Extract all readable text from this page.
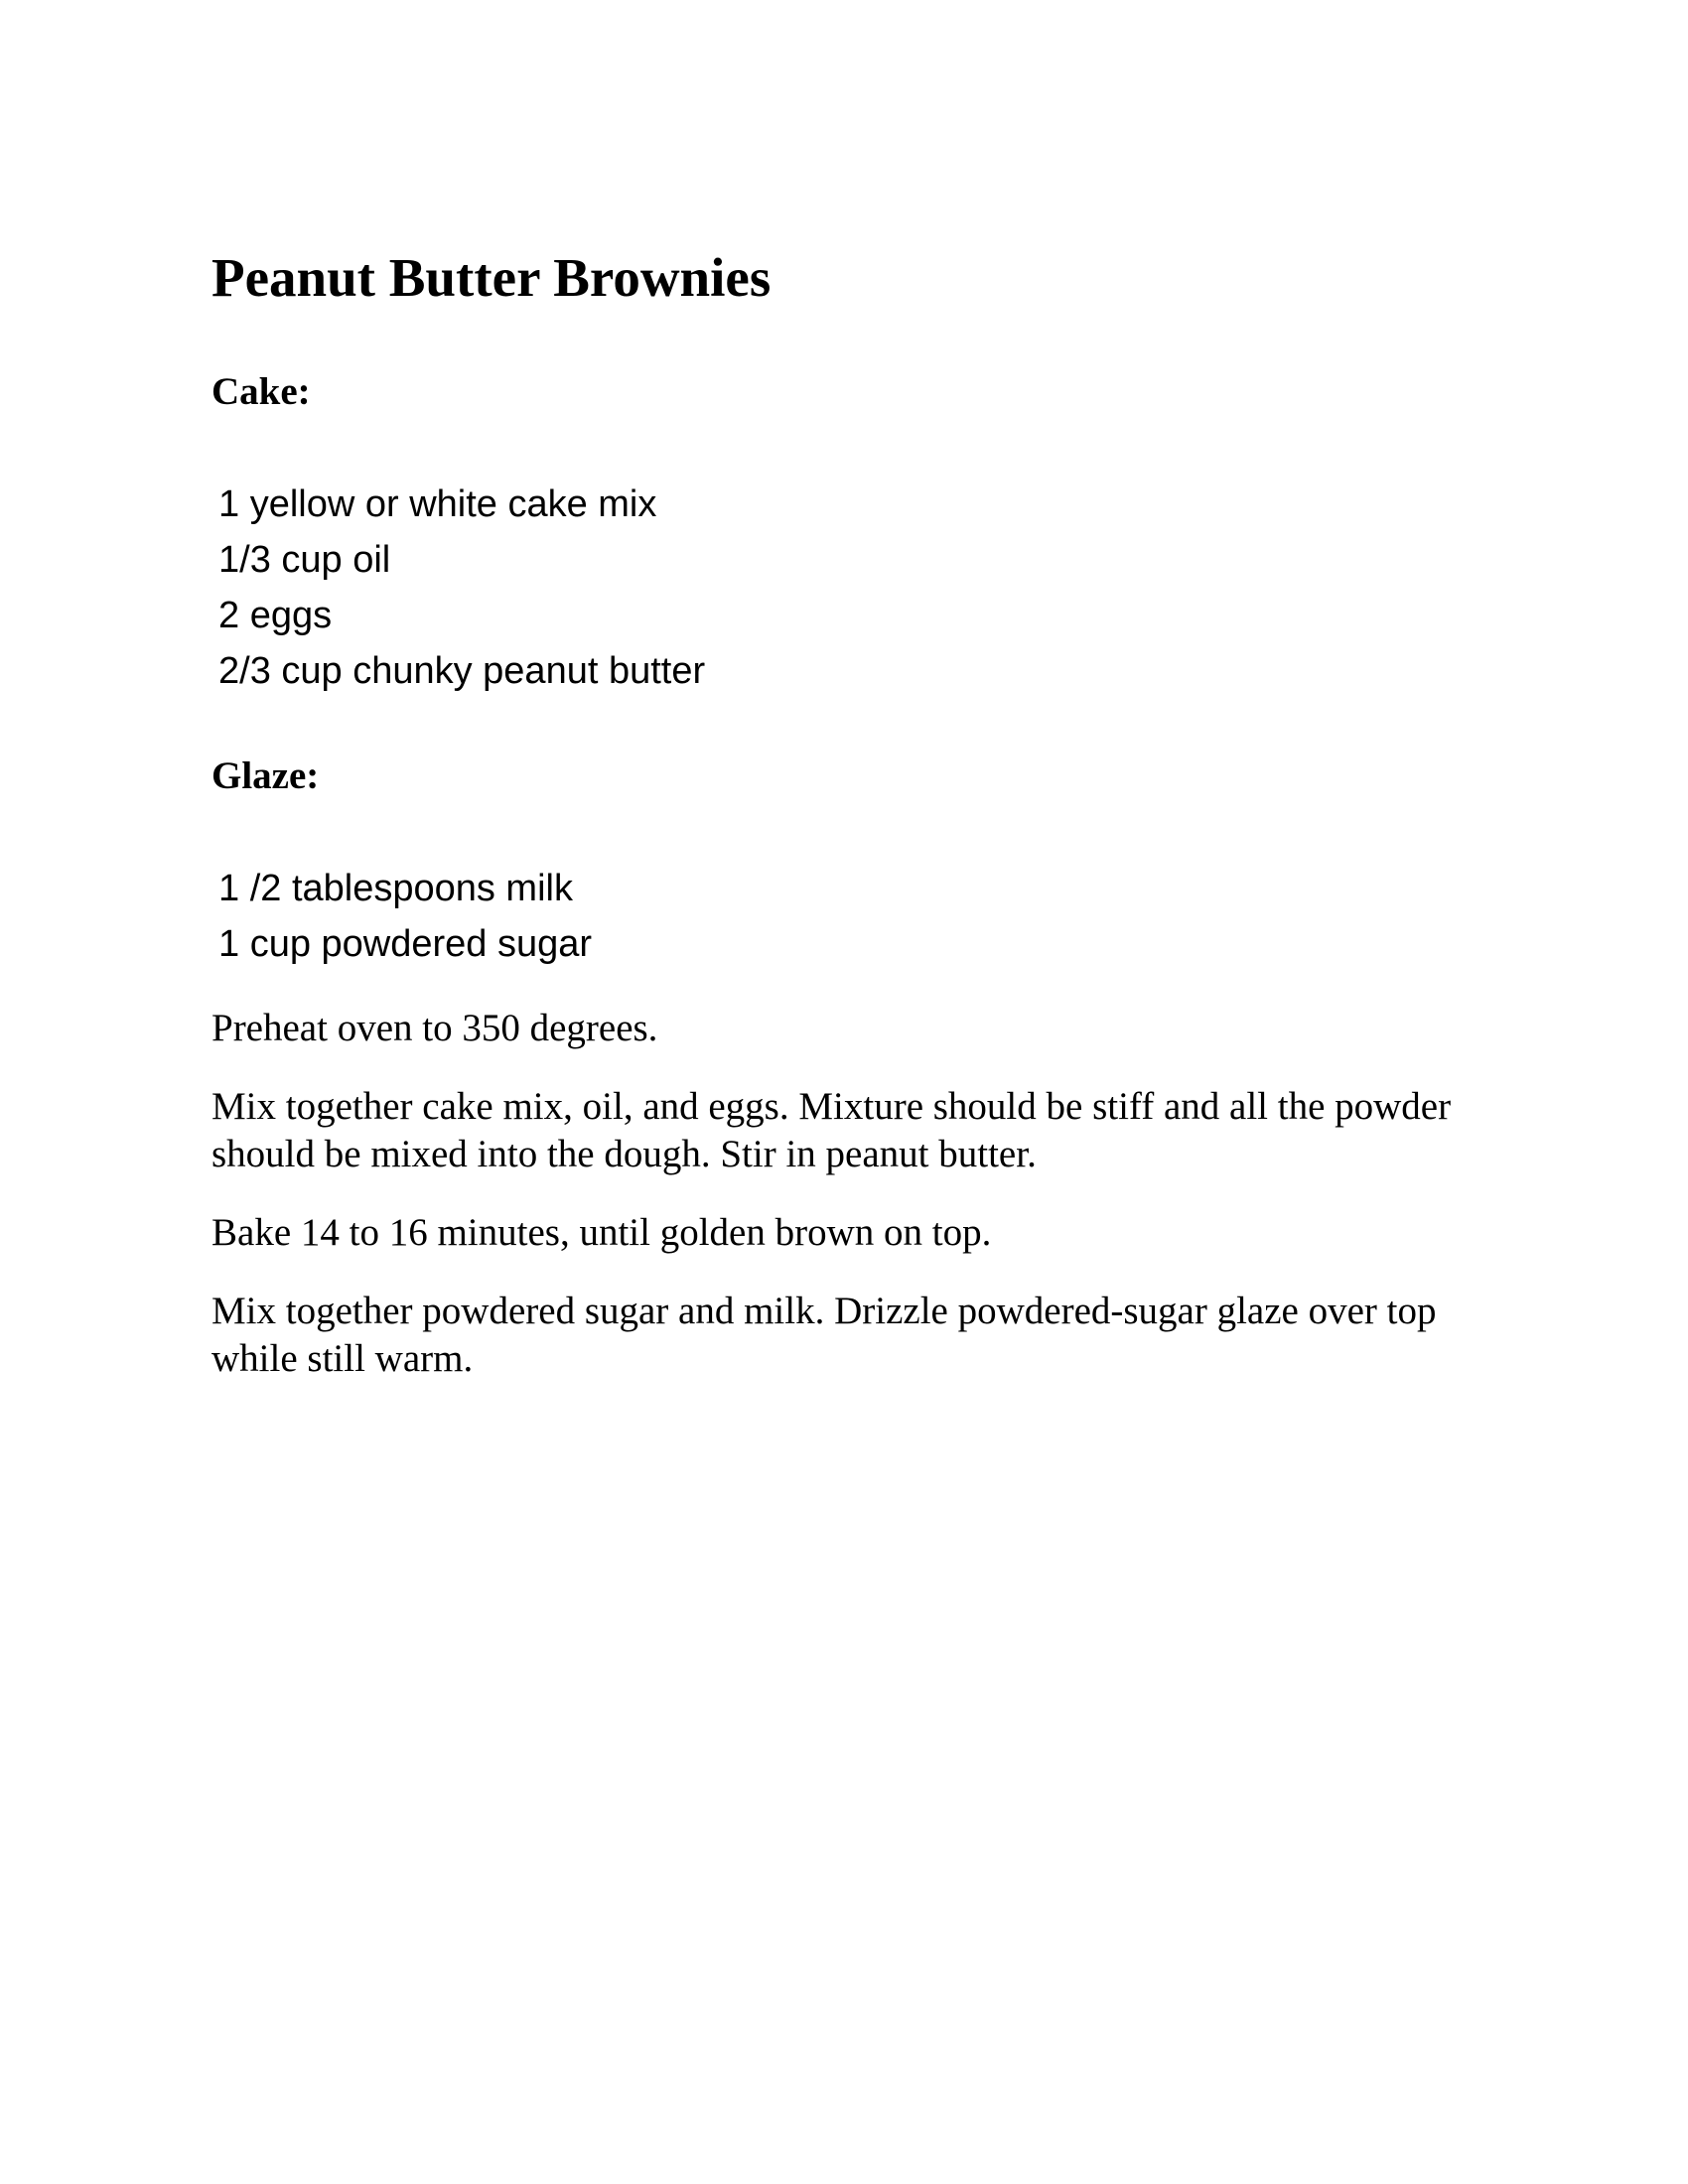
Peanut Butter Brownies
Cake:
1 yellow or white cake mix
1/3 cup oil
2 eggs
2/3 cup chunky peanut butter
Glaze:
1 /2 tablespoons milk
1 cup powdered sugar

Preheat oven to 350 degrees.

Mix together cake mix, oil, and eggs. Mixture should be stiff and all the powder should be mixed into the dough. Stir in peanut butter.

Bake 14 to 16 minutes, until golden brown on top.

Mix together powdered sugar and milk. Drizzle powdered-sugar glaze over top while still warm.
